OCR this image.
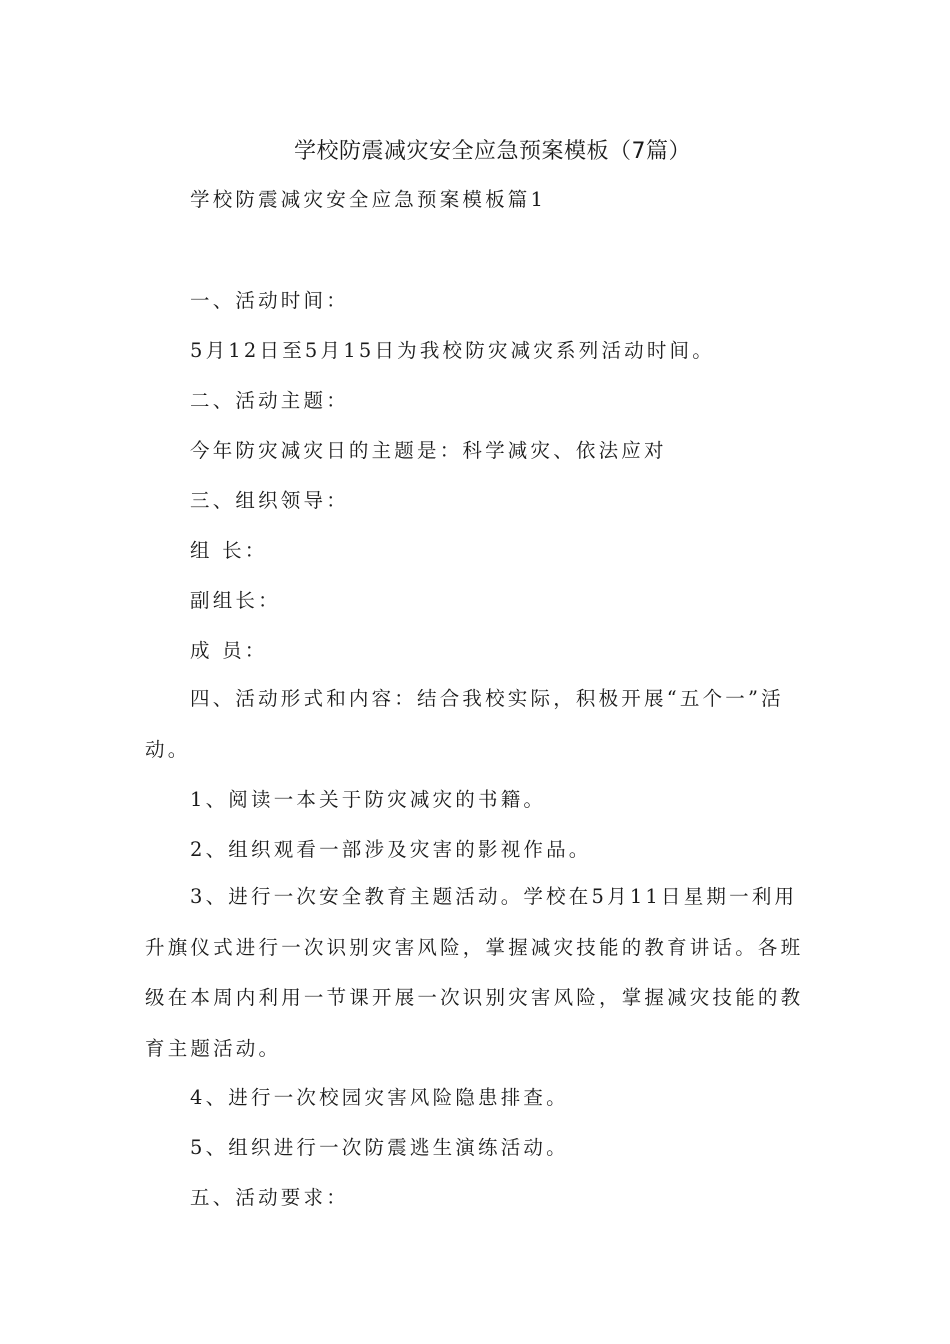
学校防震减灾安全应急预案模板（7篇）
学校防震减灾安全应急预案模板篇1
一、活动时间：
5月12日至5月15日为我校防灾减灾系列活动时间。
二、活动主题：
今年防灾减灾日的主题是：科学减灾、依法应对
三、组织领导：
组 长：
副组长：
成 员：

四、活动形式和内容：结合我校实际，积极开展“五个一”活动。

1、阅读一本关于防灾减灾的书籍。
2、组织观看一部涉及灾害的影视作品。

3、进行一次安全教育主题活动。学校在5月11日星期一利用升旗仪式进行一次识别灾害风险，掌握减灾技能的教育讲话。各班级在本周内利用一节课开展一次识别灾害风险，掌握减灾技能的教育主题活动。

4、进行一次校园灾害风险隐患排查。
5、组织进行一次防震逃生演练活动。
五、活动要求：
